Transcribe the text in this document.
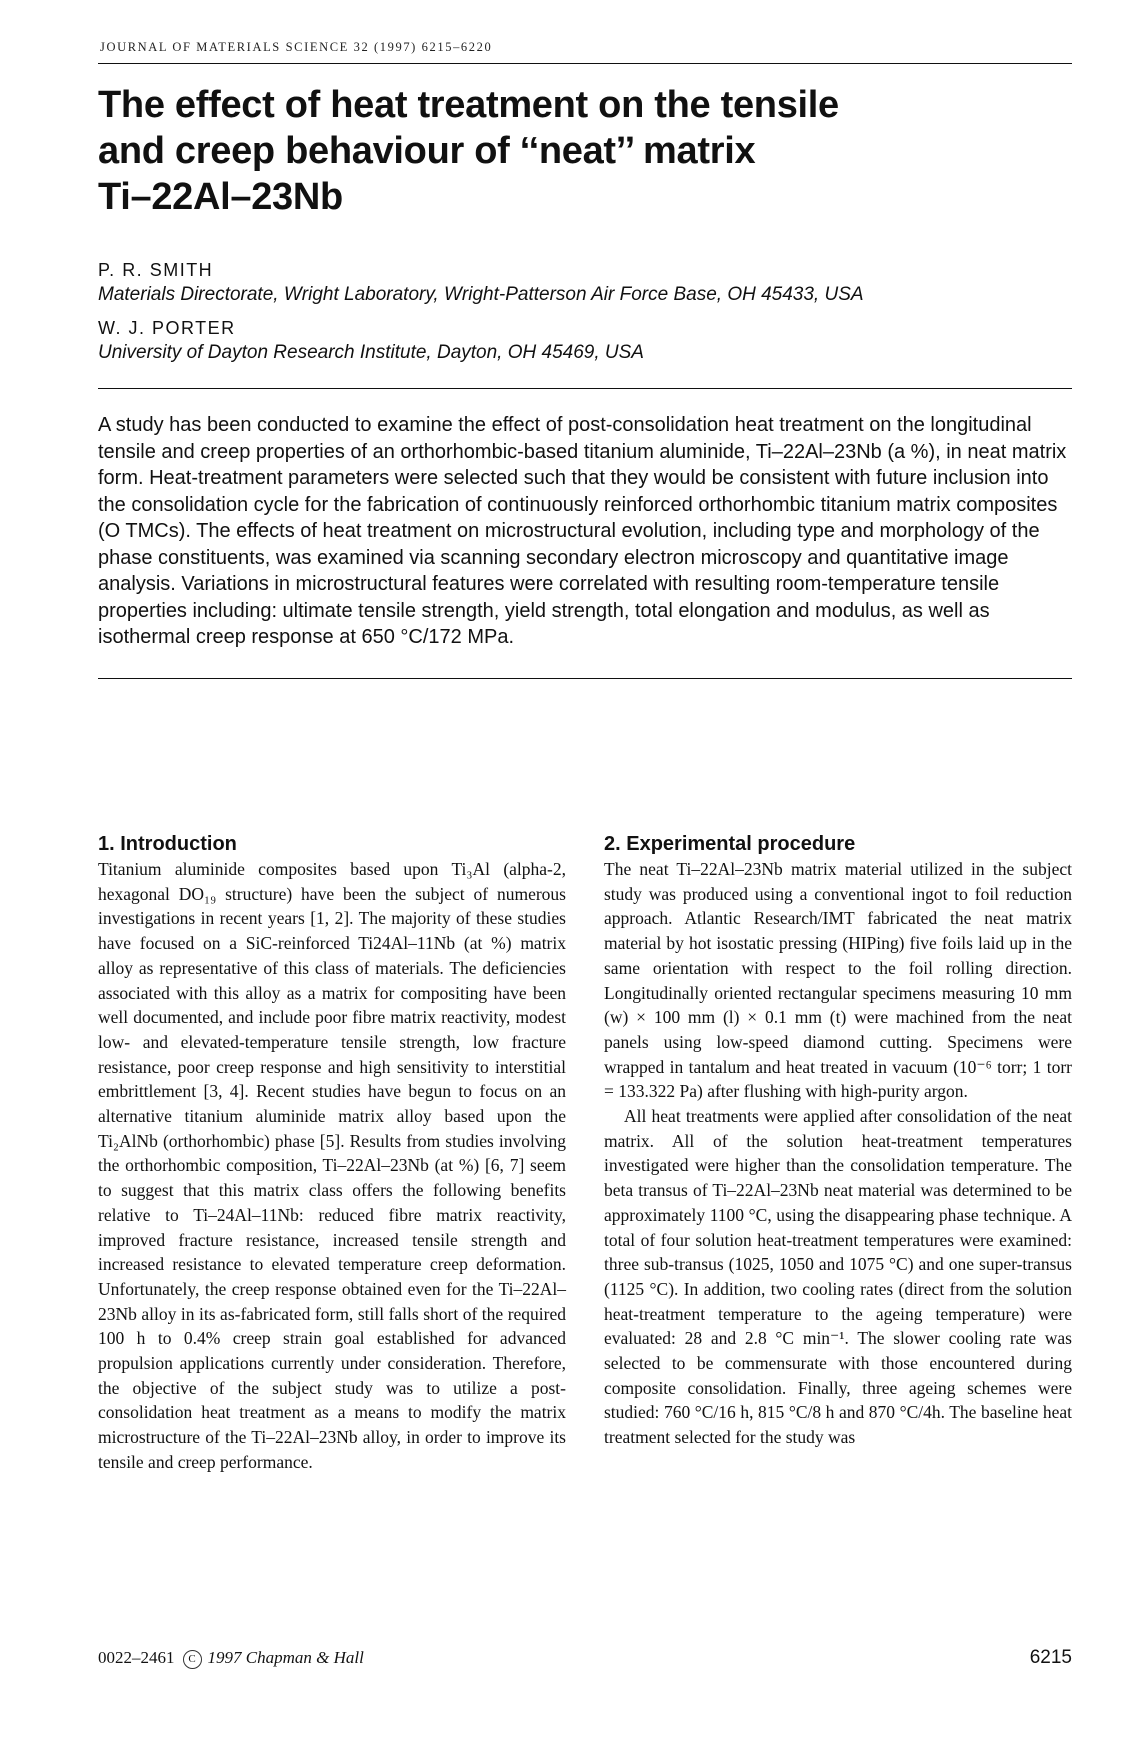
JOURNAL OF MATERIALS SCIENCE 32 (1997) 6215–6220
The effect of heat treatment on the tensile
and creep behaviour of ‘‘neat’’ matrix
Ti–22Al–23Nb
P. R. SMITH
Materials Directorate, Wright Laboratory, Wright-Patterson Air Force Base, OH 45433, USA
W. J. PORTER
University of Dayton Research Institute, Dayton, OH 45469, USA

A study has been conducted to examine the effect of post-consolidation heat treatment on the longitudinal tensile and creep properties of an orthorhombic-based titanium aluminide, Ti–22Al–23Nb (a %), in neat matrix form. Heat-treatment parameters were selected such that they would be consistent with future inclusion into the consolidation cycle for the fabrication of continuously reinforced orthorhombic titanium matrix composites (O TMCs). The effects of heat treatment on microstructural evolution, including type and morphology of the phase constituents, was examined via scanning secondary electron microscopy and quantitative image analysis. Variations in microstructural features were correlated with resulting room-temperature tensile properties including: ultimate tensile strength, yield strength, total elongation and modulus, as well as isothermal creep response at 650 °C/172 MPa.

1. Introduction

Titanium aluminide composites based upon Ti₃Al (alpha-2, hexagonal DO₁₉ structure) have been the subject of numerous investigations in recent years [1, 2]. The majority of these studies have focused on a SiC-reinforced Ti24Al–11Nb (at %) matrix alloy as representative of this class of materials. The deficiencies associated with this alloy as a matrix for compositing have been well documented, and include poor fibre matrix reactivity, modest low- and elevated-temperature tensile strength, low fracture resistance, poor creep response and high sensitivity to interstitial embrittlement [3, 4]. Recent studies have begun to focus on an alternative titanium aluminide matrix alloy based upon the Ti₂AlNb (orthorhombic) phase [5]. Results from studies involving the orthorhombic composition, Ti–22Al–23Nb (at %) [6, 7] seem to suggest that this matrix class offers the following benefits relative to Ti–24Al–11Nb: reduced fibre matrix reactivity, improved fracture resistance, increased tensile strength and increased resistance to elevated temperature creep deformation. Unfortunately, the creep response obtained even for the Ti–22Al–23Nb alloy in its as-fabricated form, still falls short of the required 100 h to 0.4% creep strain goal established for advanced propulsion applications currently under consideration. Therefore, the objective of the subject study was to utilize a post-consolidation heat treatment as a means to modify the matrix microstructure of the Ti–22Al–23Nb alloy, in order to improve its tensile and creep performance.

2. Experimental procedure

The neat Ti–22Al–23Nb matrix material utilized in the subject study was produced using a conventional ingot to foil reduction approach. Atlantic Research/IMT fabricated the neat matrix material by hot isostatic pressing (HIPing) five foils laid up in the same orientation with respect to the foil rolling direction. Longitudinally oriented rectangular specimens measuring 10 mm (w) × 100 mm (l) × 0.1 mm (t) were machined from the neat panels using low-speed diamond cutting. Specimens were wrapped in tantalum and heat treated in vacuum (10⁻⁶ torr; 1 torr = 133.322 Pa) after flushing with high-purity argon.

All heat treatments were applied after consolidation of the neat matrix. All of the solution heat-treatment temperatures investigated were higher than the consolidation temperature. The beta transus of Ti–22Al–23Nb neat material was determined to be approximately 1100 °C, using the disappearing phase technique. A total of four solution heat-treatment temperatures were examined: three sub-transus (1025, 1050 and 1075 °C) and one super-transus (1125 °C). In addition, two cooling rates (direct from the solution heat-treatment temperature to the ageing temperature) were evaluated: 28 and 2.8 °C min⁻¹. The slower cooling rate was selected to be commensurate with those encountered during composite consolidation. Finally, three ageing schemes were studied: 760 °C/16 h, 815 °C/8 h and 870 °C/4h. The baseline heat treatment selected for the study was

0022–2461 C 1997 Chapman & Hall	6215
